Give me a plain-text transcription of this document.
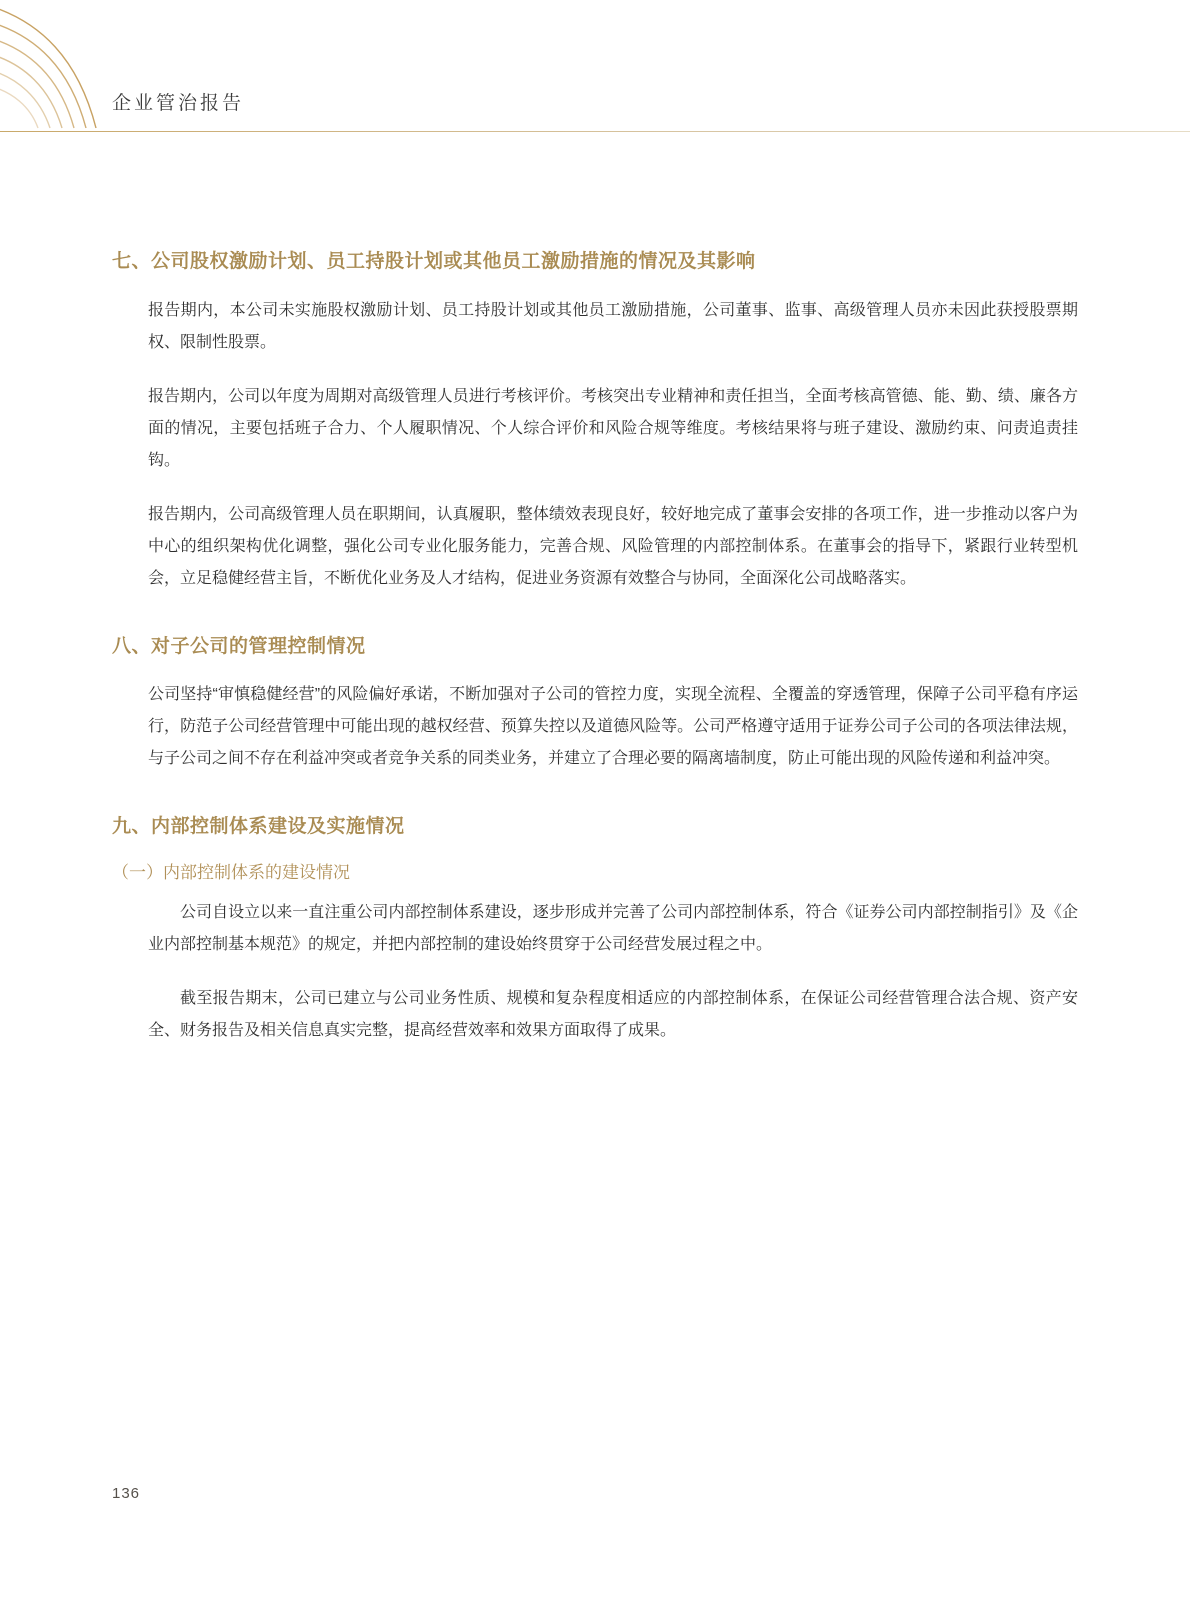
企业管治报告
七、公司股权激励计划、员工持股计划或其他员工激励措施的情况及其影响

报告期内，本公司未实施股权激励计划、员工持股计划或其他员工激励措施，公司董事、监事、高级管理人员亦未因此获授股票期权、限制性股票。

报告期内，公司以年度为周期对高级管理人员进行考核评价。考核突出专业精神和责任担当，全面考核高管德、能、勤、绩、廉各方面的情况，主要包括班子合力、个人履职情况、个人综合评价和风险合规等维度。考核结果将与班子建设、激励约束、问责追责挂钩。

报告期内，公司高级管理人员在职期间，认真履职，整体绩效表现良好，较好地完成了董事会安排的各项工作，进一步推动以客户为中心的组织架构优化调整，强化公司专业化服务能力，完善合规、风险管理的内部控制体系。在董事会的指导下，紧跟行业转型机会，立足稳健经营主旨，不断优化业务及人才结构，促进业务资源有效整合与协同，全面深化公司战略落实。

八、对子公司的管理控制情况

公司坚持“审慎稳健经营”的风险偏好承诺，不断加强对子公司的管控力度，实现全流程、全覆盖的穿透管理，保障子公司平稳有序运行，防范子公司经营管理中可能出现的越权经营、预算失控以及道德风险等。公司严格遵守适用于证券公司子公司的各项法律法规，与子公司之间不存在利益冲突或者竞争关系的同类业务，并建立了合理必要的隔离墙制度，防止可能出现的风险传递和利益冲突。

九、内部控制体系建设及实施情况
（一）内部控制体系的建设情况

公司自设立以来一直注重公司内部控制体系建设，逐步形成并完善了公司内部控制体系，符合《证券公司内部控制指引》及《企业内部控制基本规范》的规定，并把内部控制的建设始终贯穿于公司经营发展过程之中。

截至报告期末，公司已建立与公司业务性质、规模和复杂程度相适应的内部控制体系，在保证公司经营管理合法合规、资产安全、财务报告及相关信息真实完整，提高经营效率和效果方面取得了成果。

136
